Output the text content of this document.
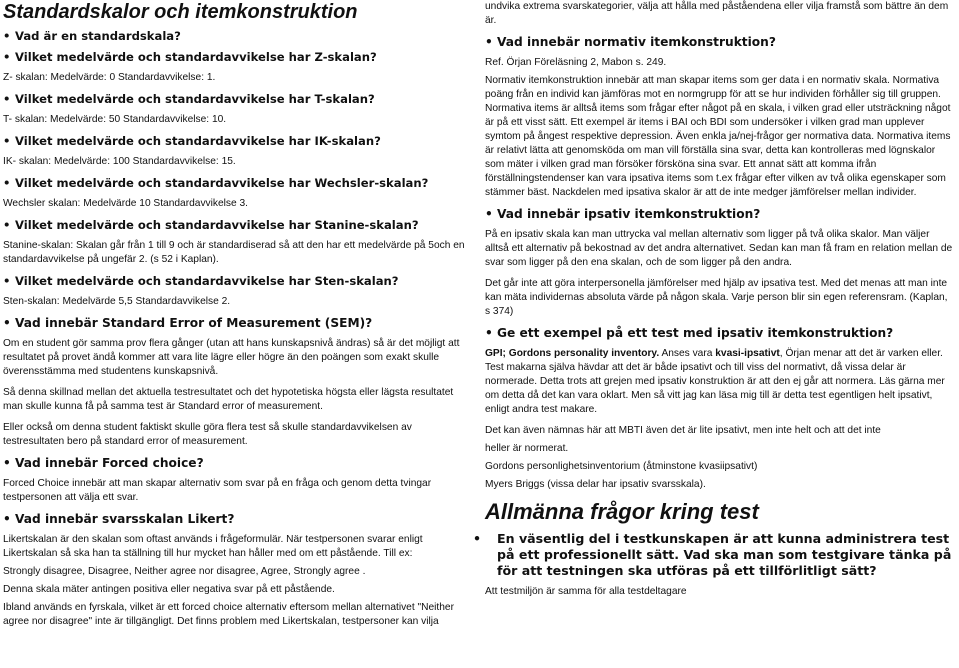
Standardskalor och itemkonstruktion
• Vad är en standardskala?
• Vilket medelvärde och standardavvikelse har Z-skalan?

Z- skalan: Medelvärde: 0 Standardavvikelse: 1.

• Vilket medelvärde och standardavvikelse har T-skalan?

T- skalan: Medelvärde: 50 Standardavvikelse: 10.

• Vilket medelvärde och standardavvikelse har IK-skalan?

IK- skalan: Medelvärde: 100 Standardavvikelse: 15.

• Vilket medelvärde och standardavvikelse har Wechsler-skalan?

Wechsler skalan: Medelvärde 10 Standardavvikelse 3.

• Vilket medelvärde och standardavvikelse har Stanine-skalan?

Stanine-skalan: Skalan går från 1 till 9 och är standardiserad så att den har ett medelvärde på 5och en standardavvikelse på ungefär 2. (s 52 i Kaplan).

• Vilket medelvärde och standardavvikelse har Sten-skalan?

Sten-skalan: Medelvärde 5,5 Standardavvikelse 2.

• Vad innebär Standard Error of Measurement (SEM)?

Om en student gör samma prov flera gånger (utan att hans kunskapsnivå ändras) så är det möjligt att resultatet på provet ändå kommer att vara lite lägre eller högre än den poängen som exakt skulle överensstämma med studentens kunskapsnivå.

Så denna skillnad mellan det aktuella testresultatet och det hypotetiska högsta eller lägsta resultatet man skulle kunna få på samma test är Standard error of measurement.

Eller också om denna student faktiskt skulle göra flera test så skulle standardavvikelsen av testresultaten bero på standard error of measurement.

• Vad innebär Forced choice?

Forced Choice innebär att man skapar alternativ som svar på en fråga och genom detta tvingar testpersonen att välja ett svar.

• Vad innebär svarsskalan Likert?

Likertskalan är den skalan som oftast används i frågeformulär. När testpersonen svarar enligt Likertskalan så ska han ta ställning till hur mycket han håller med om ett påstående. Till ex:

Strongly disagree, Disagree, Neither agree nor disagree, Agree, Strongly agree .

Denna skala mäter antingen positiva eller negativa svar på ett påstående.

Ibland används en fyrskala, vilket är ett forced choice alternativ eftersom mellan alternativet "Neither agree nor disagree" inte är tillgängligt. Det finns problem med Likertskalan, testpersoner kan vilja

undvika extrema svarskategorier, välja att hålla med påståendena eller vilja framstå som bättre än dem är.

• Vad innebär normativ itemkonstruktion?

Ref. Örjan Föreläsning 2, Mabon s. 249.

Normativ itemkonstruktion innebär att man skapar items som ger data i en normativ skala. Normativa poäng från en individ kan jämföras mot en normgrupp för att se hur individen förhåller sig till gruppen. Normativa items är alltså items som frågar efter något på en skala, i vilken grad eller utsträckning något är på ett visst sätt. Ett exempel är items i BAI och BDI som undersöker i vilken grad man upplever symtom på ångest respektive depression. Även enkla ja/nej-frågor ger normativa data. Normativa items är relativt lätta att genomsköda om man vill förställa sina svar, detta kan kontrolleras med lögnskalor som mäter i vilken grad man försöker försköna sina svar. Ett annat sätt att komma ifrån förställningstendenser kan vara ipsativa items som t.ex frågar efter vilken av två olika egenskaper som stämmer bäst. Nackdelen med ipsativa skalor är att de inte medger jämförelser mellan individer.

• Vad innebär ipsativ itemkonstruktion?

På en ipsativ skala kan man uttrycka val mellan alternativ som ligger på två olika skalor. Man väljer alltså ett alternativ på bekostnad av det andra alternativet. Sedan kan man få fram en relation mellan de svar som ligger på den ena skalan, och de som ligger på den andra.

Det går inte att göra interpersonella jämförelser med hjälp av ipsativa test. Med det menas att man inte kan mäta individernas absoluta värde på någon skala. Varje person blir sin egen referensram. (Kaplan, s 374)

• Ge ett exempel på ett test med ipsativ itemkonstruktion?

GPI; Gordons personality inventory. Anses vara kvasi-ipsativt, Örjan menar att det är varken eller. Test makarna själva hävdar att det är både ipsativt och till viss del normativt, då vissa delar är normerade. Detta trots att grejen med ipsativ konstruktion är att den ej går att normera. Läs gärna mer om detta då det kan vara oklart. Men så vitt jag kan läsa mig till är detta test egentligen helt ipsativt, enligt andra test makare.

Det kan även nämnas här att MBTI även det är lite ipsativt, men inte helt och att det inte

heller är normerat.

Gordons personlighetsinventorium (åtminstone kvasiipsativt)

Myers Briggs (vissa delar har ipsativ svarsskala).

Allmänna frågor kring test
• En väsentlig del i testkunskapen är att kunna administrera test på ett professionellt sätt. Vad ska man som testgivare tänka på för att testningen ska utföras på ett tillförlitligt sätt?

Att testmiljön är samma för alla testdeltagare
